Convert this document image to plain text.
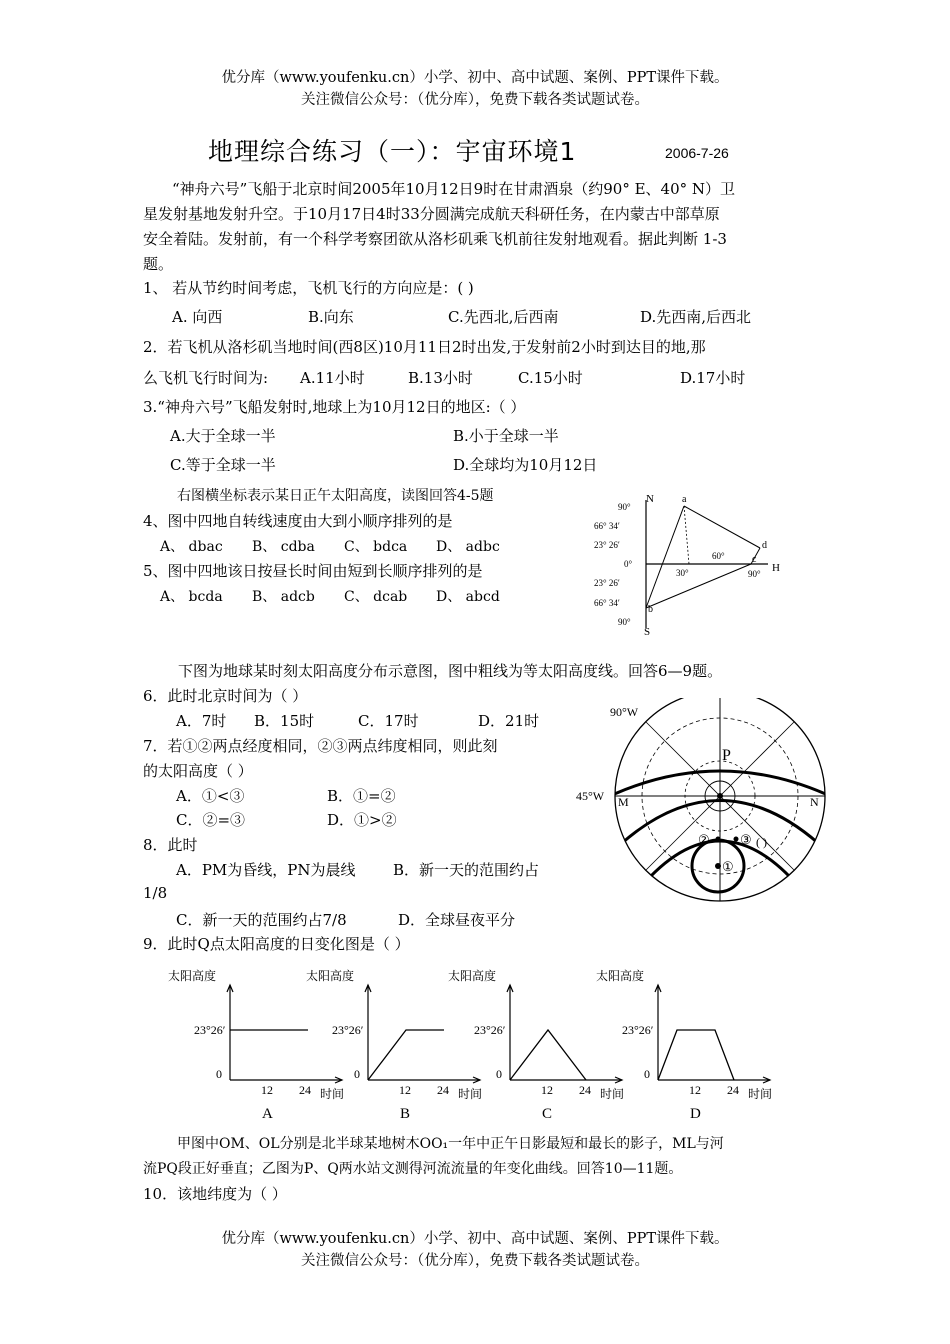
优分库（www.youfenku.cn）小学、初中、高中试题、案例、PPT课件下载。
关注微信公众号：（优分库），免费下载各类试题试卷。
地理综合练习（一）：宇宙环境1	2006-7-26
“神舟六号”飞船于北京时间2005年10月12日9时在甘肃酒泉（约90° E、40° N）卫
星发射基地发射升空。于10月17日4时33分圆满完成航天科研任务，在内蒙古中部草原
安全着陆。发射前，有一个科学考察团欲从洛杉矶乘飞机前往发射地观看。据此判断 1-3
题。
1、 若从节约时间考虑，飞机飞行的方向应是：( )
A. 向西	B.向东	C.先西北,后西南	D.先西南,后西北
2．若飞机从洛杉矶当地时间(西8区)10月11日2时出发,于发射前2小时到达目的地,那
么飞机飞行时间为: A.11小时	B.13小时	C.15小时	D.17小时
3.“神舟六号”飞船发射时,地球上为10月12日的地区:（ ）
A.大于全球一半	B.小于全球一半
C.等于全球一半	D.全球均为10月12日
右图横坐标表示某日正午太阳高度，读图回答4-5题
4、图中四地自转线速度由大到小顺序排列的是
A、 dbac B、 cdba C、 bdca D、 adbc
5、图中四地该日按昼长时间由短到长顺序排列的是
A、 bcda B、 adcb C、 dcab D、 abcd
N
S
H
90°
66° 34′
23° 26′
0°
23° 26′
66° 34′
90°
a
b
c
d
30°
60°
90°
下图为地球某时刻太阳高度分布示意图，图中粗线为等太阳高度线。回答6—9题。
6．此时北京时间为（ ）
A．7时 B．15时	C．17时	D．21时
7．若①②两点经度相同，②③两点纬度相同，则此刻
的太阳高度（ ）
A．①<③	B．①=②
C．②=③	D．①>②
8．此时
A．PM为昏线，PN为晨线 B．新一天的范围约占
1/8
C．新一天的范围约占7/8	D．全球昼夜平分
90°W
45°W M	N
P
② ③
①
( )
9．此时Q点太阳高度的日变化图是（ ）
太阳高度
23°26′
0
12 24 时间
A
太阳高度
23°26′
0
12 24 时间
B
太阳高度
23°26′
0
12 24 时间
C
太阳高度
23°26′
0
12 24 时间
D
甲图中OM、OL分别是北半球某地树木OO₁一年中正午日影最短和最长的影子，ML与河
流PQ段正好垂直；乙图为P、Q两水站文测得河流流量的年变化曲线。回答10—11题。
10．该地纬度为（ ）
优分库（www.youfenku.cn）小学、初中、高中试题、案例、PPT课件下载。
关注微信公众号：（优分库），免费下载各类试题试卷。
